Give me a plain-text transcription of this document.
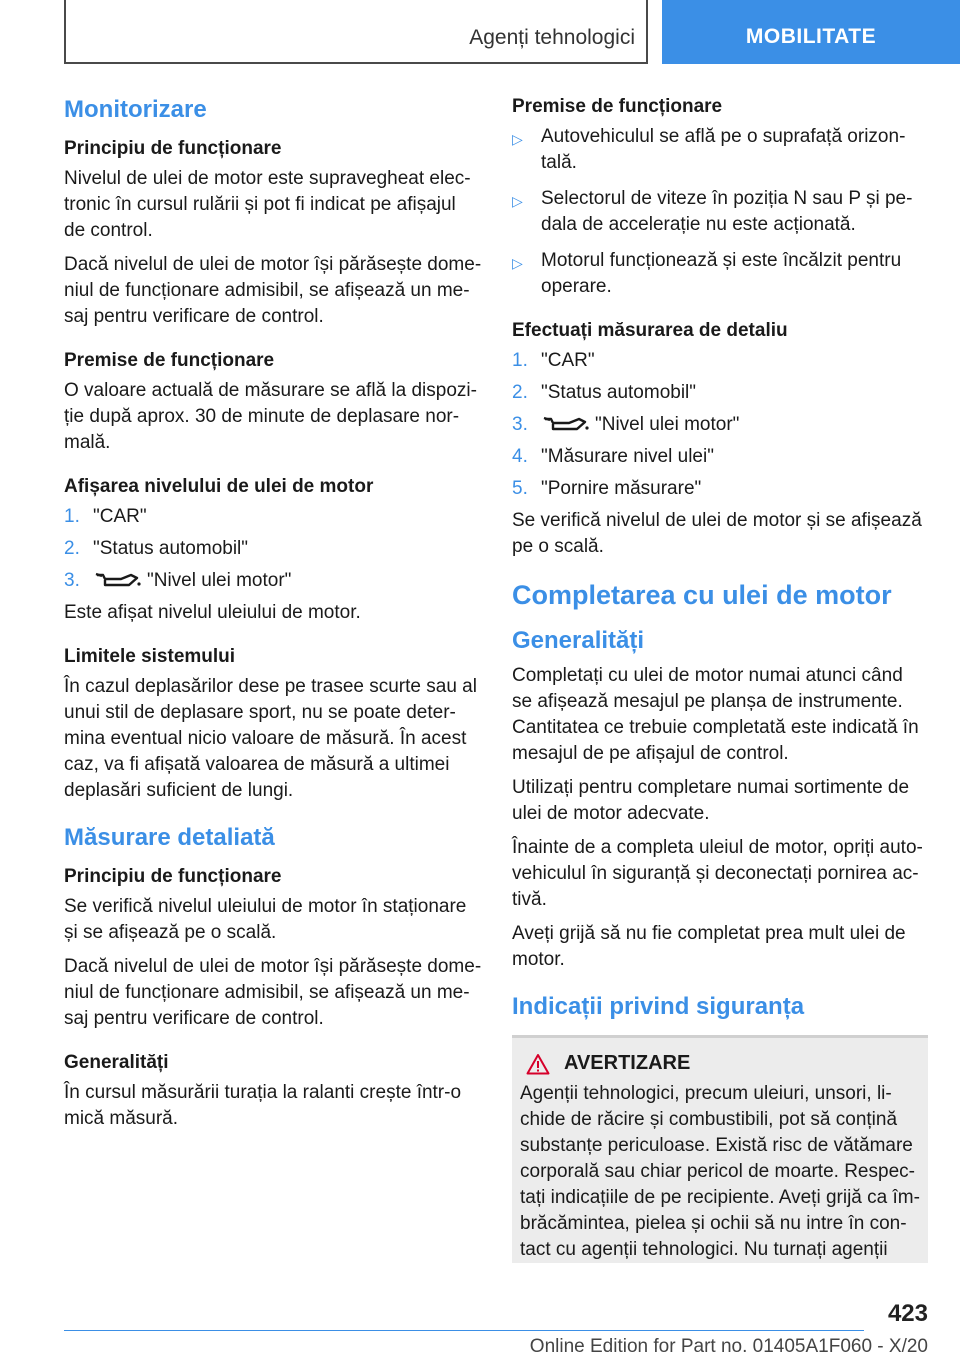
Agenți tehnologici	MOBILITATE
Monitorizare
Principiu de funcționare

Nivelul de ulei de motor este supravegheat electronic în cursul rulării și pot fi indicat pe afișajul de control.

Dacă nivelul de ulei de motor își părăsește domeniul de funcționare admisibil, se afișează un mesaj pentru verificare de control.

Premise de funcționare

O valoare actuală de măsurare se află la dispoziție după aprox. 30 de minute de deplasare normală.

Afișarea nivelului de ulei de motor
1. "CAR"
2. "Status automobil"
3.	"Nivel ulei motor"

Este afișat nivelul uleiului de motor.

Limitele sistemului

În cazul deplasărilor dese pe trasee scurte sau al unui stil de deplasare sport, nu se poate determina eventual nicio valoare de măsură. În acest caz, va fi afișată valoarea de măsură a ultimei deplasări suficient de lungi.

Măsurare detaliată
Principiu de funcționare

Se verifică nivelul uleiului de motor în staționare și se afișează pe o scală.

Dacă nivelul de ulei de motor își părăsește domeniul de funcționare admisibil, se afișează un mesaj pentru verificare de control.

Generalități

În cursul măsurării turația la ralanti crește într-o mică măsură.

Premise de funcționare
▷ Autovehiculul se află pe o suprafață orizontală.
▷ Selectorul de viteze în poziția N sau P și pedala de accelerație nu este acționată.
▷ Motorul funcționează și este încălzit pentru operare.
Efectuați măsurarea de detaliu
1. "CAR"
2. "Status automobil"
3.	"Nivel ulei motor"
4. "Măsurare nivel ulei"
5. "Pornire măsurare"

Se verifică nivelul de ulei de motor și se afișează pe o scală.

Completarea cu ulei de motor
Generalități

Completați cu ulei de motor numai atunci când se afișează mesajul pe planșa de instrumente. Cantitatea ce trebuie completată este indicată în mesajul de pe afișajul de control.

Utilizați pentru completare numai sortimente de ulei de motor adecvate.

Înainte de a completa uleiul de motor, opriți autovehiculul în siguranță și deconectați pornirea activă.

Aveți grijă să nu fie completat prea mult ulei de motor.

Indicații privind siguranța
AVERTIZARE

Agenții tehnologici, precum uleiuri, unsori, lichide de răcire și combustibili, pot să conțină substanțe periculoase. Există risc de vătămare corporală sau chiar pericol de moarte. Respectați indicațiile de pe recipiente. Aveți grijă ca îmbrăcămintea, pielea și ochii să nu intre în contact cu agenții tehnologici. Nu turnați agenții

423
Online Edition for Part no. 01405A1F060 - X/20
